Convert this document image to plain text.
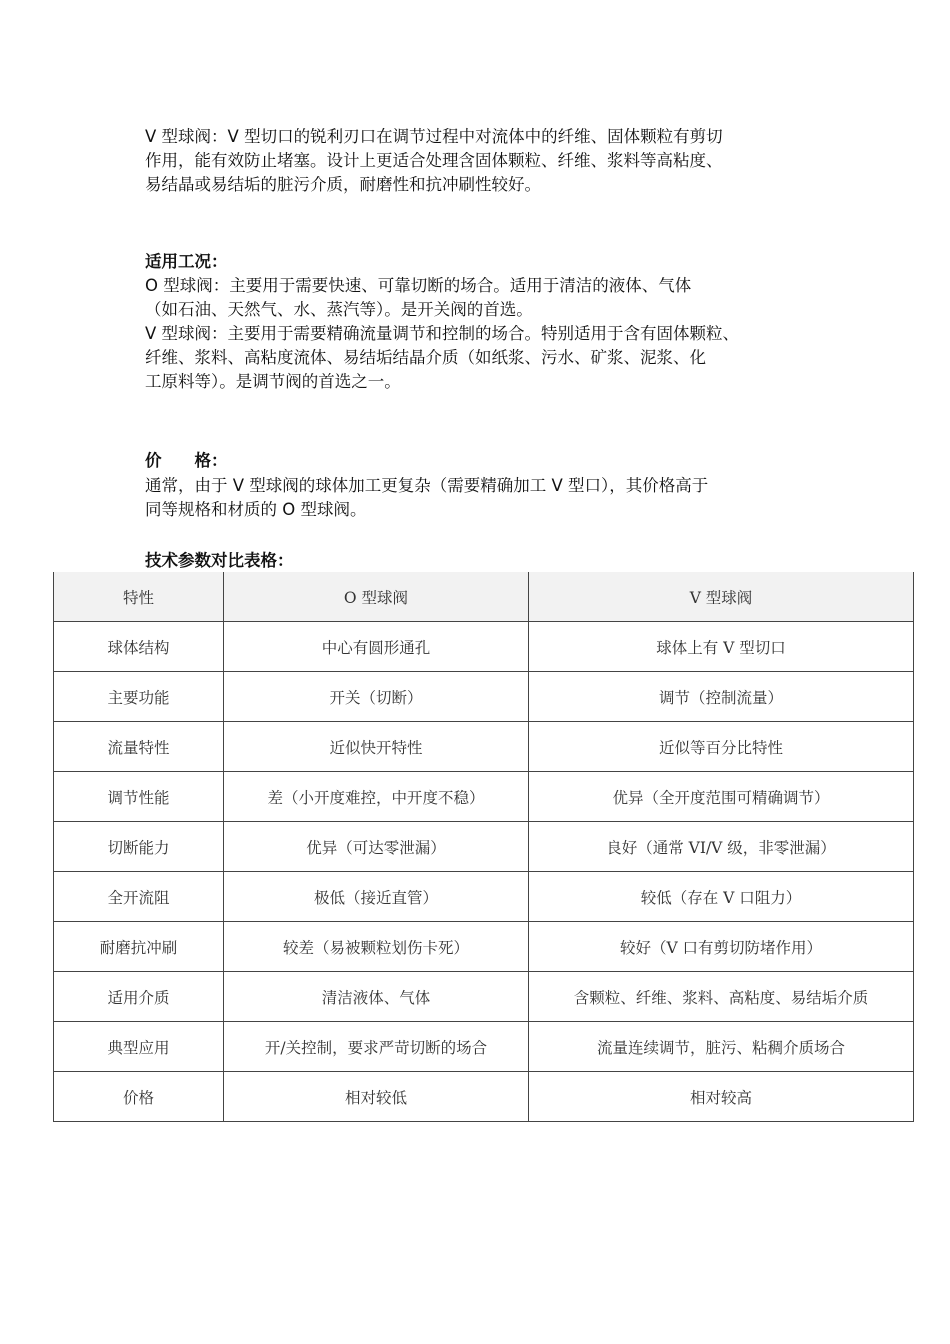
V 型球阀：V 型切口的锐利刃口在调节过程中对流体中的纤维、固体颗粒有剪切
作用，能有效防止堵塞。设计上更适合处理含固体颗粒、纤维、浆料等高粘度、
易结晶或易结垢的脏污介质，耐磨性和抗冲刷性较好。
适用工况：
O 型球阀：主要用于需要快速、可靠切断的场合。适用于清洁的液体、气体
（如石油、天然气、水、蒸汽等）。是开关阀的首选。
V 型球阀：主要用于需要精确流量调节和控制的场合。特别适用于含有固体颗粒、
纤维、浆料、高粘度流体、易结垢结晶介质（如纸浆、污水、矿浆、泥浆、化
工原料等）。是调节阀的首选之一。
价　　格：
通常，由于 V 型球阀的球体加工更复杂（需要精确加工 V 型口），其价格高于
同等规格和材质的 O 型球阀。
技术参数对比表格：
特性	O 型球阀	V 型球阀
球体结构	中心有圆形通孔	球体上有 V 型切口
主要功能	开关（切断）	调节（控制流量）
流量特性	近似快开特性	近似等百分比特性
调节性能	差（小开度难控，中开度不稳）	优异（全开度范围可精确调节）
切断能力	优异（可达零泄漏）	良好（通常 VI/V 级，非零泄漏）
全开流阻	极低（接近直管）	较低（存在 V 口阻力）
耐磨抗冲刷	较差（易被颗粒划伤卡死）	较好（V 口有剪切防堵作用）
适用介质	清洁液体、气体	含颗粒、纤维、浆料、高粘度、易结垢介质
典型应用	开/关控制，要求严苛切断的场合	流量连续调节，脏污、粘稠介质场合
价格	相对较低	相对较高
